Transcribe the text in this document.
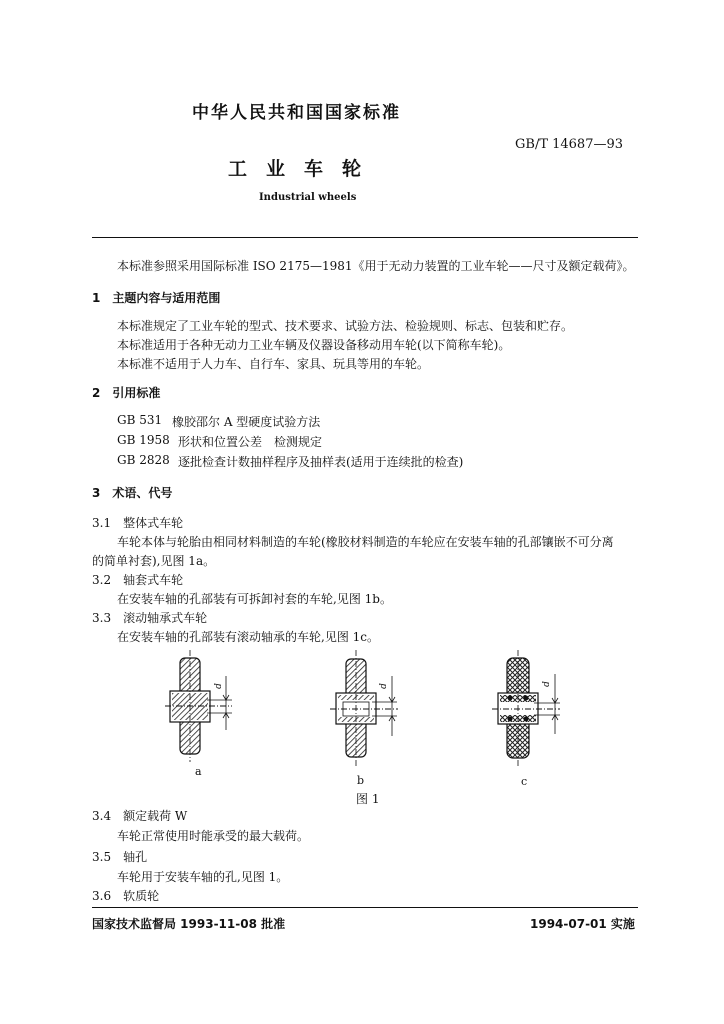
中华人民共和国国家标准
GB/T 14687—93
工　业　车　轮
Industrial wheels
本标准参照采用国际标准 ISO 2175—1981《用于无动力装置的工业车轮——尺寸及额定载荷》。
1　主题内容与适用范围
本标准规定了工业车轮的型式、技术要求、试验方法、检验规则、标志、包装和贮存。
本标准适用于各种无动力工业车辆及仪器设备移动用车轮(以下简称车轮)。
本标准不适用于人力车、自行车、家具、玩具等用的车轮。
2　引用标准
GB 531 橡胶邵尔 A 型硬度试验方法
GB 1958 形状和位置公差　检测规定
GB 2828 逐批检查计数抽样程序及抽样表(适用于连续批的检查)
3　术语、代号
3.1　整体式车轮
车轮本体与轮胎由相同材料制造的车轮(橡胶材料制造的车轮应在安装车轴的孔部镶嵌不可分离
的简单衬套),见图 1a。
3.2　轴套式车轮
在安装车轴的孔部装有可拆卸衬套的车轮,见图 1b。
3.3　滚动轴承式车轮
在安装车轴的孔部装有滚动轴承的车轮,见图 1c。
d	d	d
a
b	c
图 1
3.4　额定载荷 W
车轮正常使用时能承受的最大载荷。
3.5　轴孔
车轮用于安装车轴的孔,见图 1。
3.6　软质轮
国家技术监督局 1993-11-08 批准	1994-07-01 实施
